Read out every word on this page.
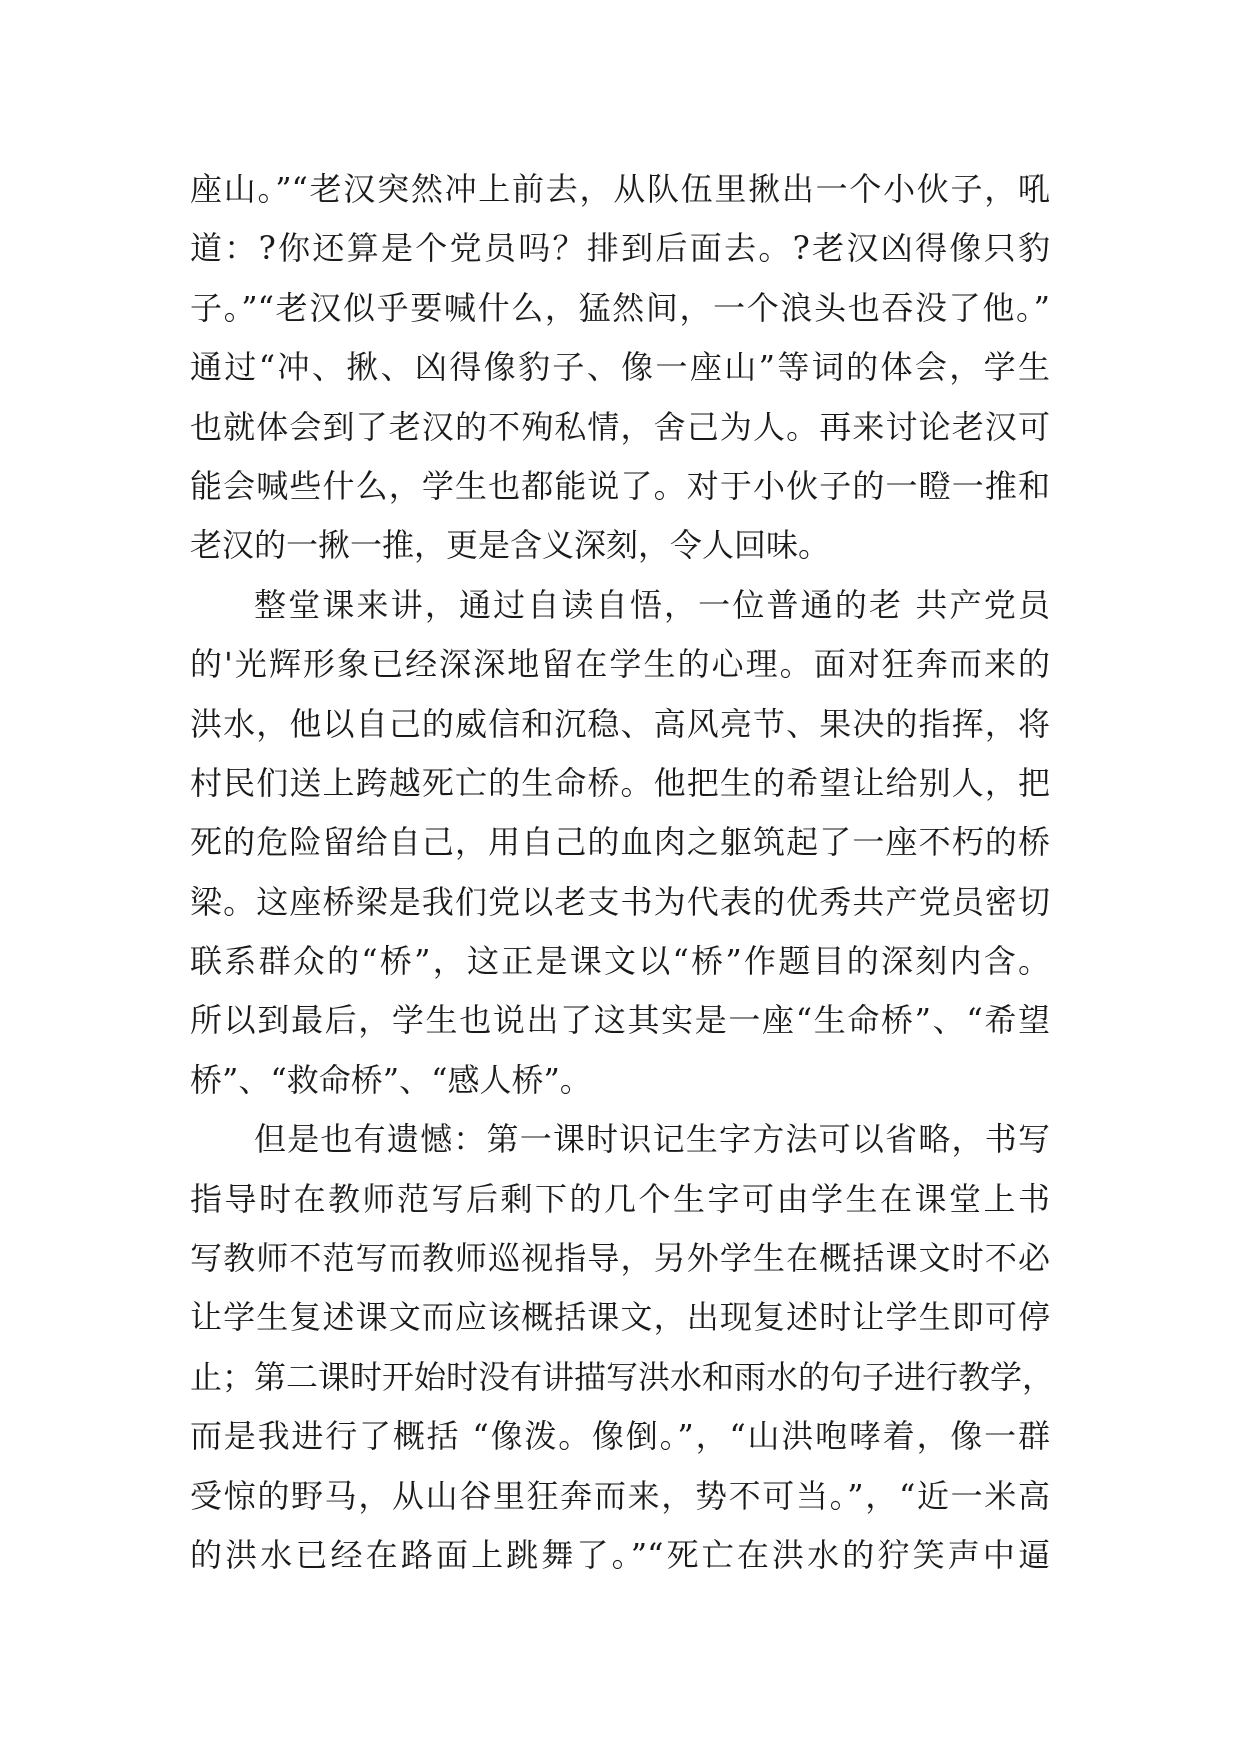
座山。”“老汉突然冲上前去，从队伍里揪出一个小伙子，吼
道：?你还算是个党员吗？排到后面去。?老汉凶得像只豹
子。”“老汉似乎要喊什么，猛然间，一个浪头也吞没了他。”
通过“冲、揪、凶得像豹子、像一座山”等词的体会，学生
也就体会到了老汉的不殉私情，舍己为人。再来讨论老汉可
能会喊些什么，学生也都能说了。对于小伙子的一瞪一推和
老汉的一揪一推，更是含义深刻，令人回味。
整堂课来讲，通过自读自悟，一位普通的老 共产党员
的'光辉形象已经深深地留在学生的心理。面对狂奔而来的
洪水，他以自己的威信和沉稳、高风亮节、果决的指挥，将
村民们送上跨越死亡的生命桥。他把生的希望让给别人，把
死的危险留给自己，用自己的血肉之躯筑起了一座不朽的桥
梁。这座桥梁是我们党以老支书为代表的优秀共产党员密切
联系群众的“桥”，这正是课文以“桥”作题目的深刻内含。
所以到最后，学生也说出了这其实是一座“生命桥”、“希望
桥”、“救命桥”、“感人桥”。
但是也有遗憾：第一课时识记生字方法可以省略，书写
指导时在教师范写后剩下的几个生字可由学生在课堂上书
写教师不范写而教师巡视指导，另外学生在概括课文时不必
让学生复述课文而应该概括课文，出现复述时让学生即可停
止；第二课时开始时没有讲描写洪水和雨水的句子进行教学，
而是我进行了概括 “像泼。像倒。”，“山洪咆哮着，像一群
受惊的野马，从山谷里狂奔而来，势不可当。”，“近一米高
的洪水已经在路面上跳舞了。”“死亡在洪水的狞笑声中逼
